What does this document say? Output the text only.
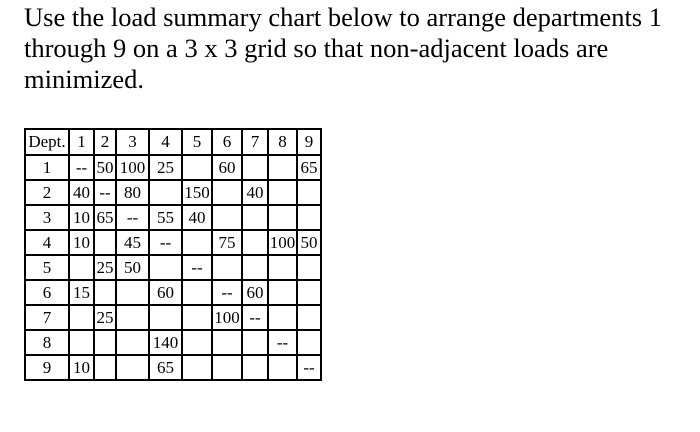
Use the load summary chart below to arrange departments 1
through 9 on a 3 x 3 grid so that non-adjacent loads are
minimized.
Dept.	1	2	3	4	5	6	7	8	9
1	--	50	100	25		60			65
2	40	--	80		150		40		
3	10	65	--	55	40				
4	10		45	--		75		100	50
5		25	50		--				
6	15			60		--	60		
7		25				100	--		
8				140				--	
9	10			65					--
